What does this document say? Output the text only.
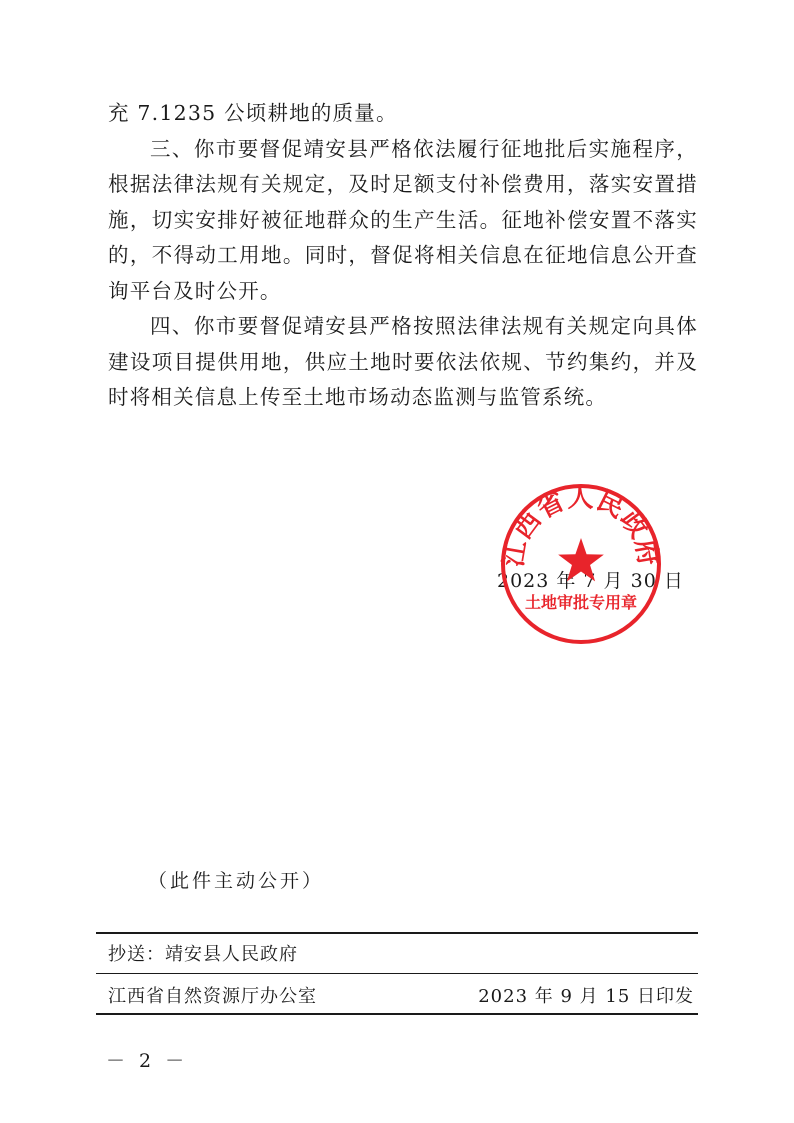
充 7.1235 公顷耕地的质量。

三、你市要督促靖安县严格依法履行征地批后实施程序，根据法律法规有关规定，及时足额支付补偿费用，落实安置措施，切实安排好被征地群众的生产生活。征地补偿安置不落实的，不得动工用地。同时，督促将相关信息在征地信息公开查询平台及时公开。

四、你市要督促靖安县严格按照法律法规有关规定向具体建设项目提供用地，供应土地时要依法依规、节约集约，并及时将相关信息上传至土地市场动态监测与监管系统。

2023 年 7 月 30 日
江西省人民政府
土地审批专用章
（此件主动公开）
抄送：靖安县人民政府
江西省自然资源厅办公室	2023 年 9 月 15 日印发
－ 2 －
